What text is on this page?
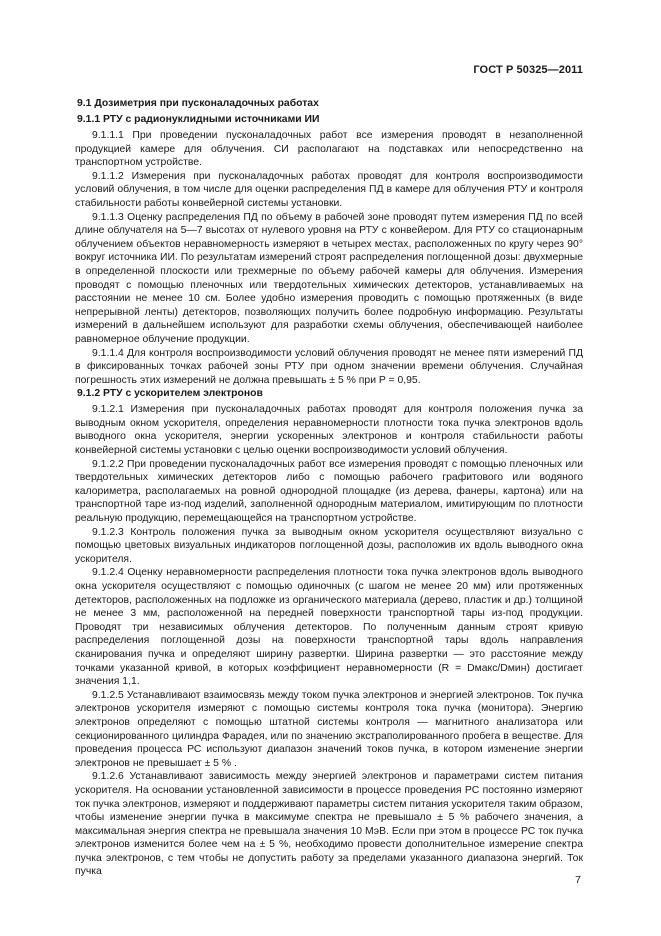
ГОСТ Р 50325—2011

9.1 Дозиметрия при пусконаладочных работах

9.1.1 РТУ с радионуклидными источниками ИИ

9.1.1.1 При проведении пусконаладочных работ все измерения проводят в незаполненной продукцией камере для облучения. СИ располагают на подставках или непосредственно на транспортном устройстве.

9.1.1.2 Измерения при пусконаладочных работах проводят для контроля воспроизводимости условий облучения, в том числе для оценки распределения ПД в камере для облучения РТУ и контроля стабильности работы конвейерной системы установки.

9.1.1.3 Оценку распределения ПД по объему в рабочей зоне проводят путем измерения ПД по всей длине облучателя на 5—7 высотах от нулевого уровня на РТУ с конвейером. Для РТУ со стационарным облучением объектов неравномерность измеряют в четырех местах, расположенных по кругу через 90° вокруг источника ИИ. По результатам измерений строят распределения поглощенной дозы: двухмерные в определенной плоскости или трехмерные по объему рабочей камеры для облучения. Измерения проводят с помощью пленочных или твердотельных химических детекторов, устанавливаемых на расстоянии не менее 10 см. Более удобно измерения проводить с помощью протяженных (в виде непрерывной ленты) детекторов, позволяющих получить более подробную информацию. Результаты измерений в дальнейшем используют для разработки схемы облучения, обеспечивающей наиболее равномерное облучение продукции.

9.1.1.4 Для контроля воспроизводимости условий облучения проводят не менее пяти измерений ПД в фиксированных точках рабочей зоны РТУ при одном значении времени облучения. Случайная погрешность этих измерений не должна превышать ± 5 % при P = 0,95.

9.1.2 РТУ с ускорителем электронов

9.1.2.1 Измерения при пусконаладочных работах проводят для контроля положения пучка за выводным окном ускорителя, определения неравномерности плотности тока пучка электронов вдоль выводного окна ускорителя, энергии ускоренных электронов и контроля стабильности работы конвейерной системы установки с целью оценки воспроизводимости условий облучения.

9.1.2.2 При проведении пусконаладочных работ все измерения проводят с помощью пленочных или твердотельных химических детекторов либо с помощью рабочего графитового или водяного калориметра, располагаемых на ровной однородной площадке (из дерева, фанеры, картона) или на транспортной таре из-под изделий, заполненной однородным материалом, имитирующим по плотности реальную продукцию, перемещающейся на транспортном устройстве.

9.1.2.3 Контроль положения пучка за выводным окном ускорителя осуществляют визуально с помощью цветовых визуальных индикаторов поглощенной дозы, расположив их вдоль выводного окна ускорителя.

9.1.2.4 Оценку неравномерности распределения плотности тока пучка электронов вдоль выводного окна ускорителя осуществляют с помощью одиночных (с шагом не менее 20 мм) или протяженных детекторов, расположенных на подложке из органического материала (дерево, пластик и др.) толщиной не менее 3 мм, расположенной на передней поверхности транспортной тары из-под продукции. Проводят три независимых облучения детекторов. По полученным данным строят кривую распределения поглощенной дозы на поверхности транспортной тары вдоль направления сканирования пучка и определяют ширину развертки. Ширина развертки — это расстояние между точками указанной кривой, в которых коэффициент неравномерности (R = Dмакс/Dмин) достигает значения 1,1.

9.1.2.5 Устанавливают взаимосвязь между током пучка электронов и энергией электронов. Ток пучка электронов ускорителя измеряют с помощью системы контроля тока пучка (монитора). Энергию электронов определяют с помощью штатной системы контроля — магнитного анализатора или секционированного цилиндра Фарадея, или по значению экстраполированного пробега в веществе. Для проведения процесса РС используют диапазон значений токов пучка, в котором изменение энергии электронов не превышает ± 5 % .

9.1.2.6 Устанавливают зависимость между энергией электронов и параметрами систем питания ускорителя. На основании установленной зависимости в процессе проведения РС постоянно измеряют ток пучка электронов, измеряют и поддерживают параметры систем питания ускорителя таким образом, чтобы изменение энергии пучка в максимуме спектра не превышало ± 5 % рабочего значения, а максимальная энергия спектра не превышала значения 10 МэВ. Если при этом в процессе РС ток пучка электронов изменится более чем на ± 5 %, необходимо провести дополнительное измерение спектра пучка электронов, с тем чтобы не допустить работу за пределами указанного диапазона энергий. Ток пучка

7
